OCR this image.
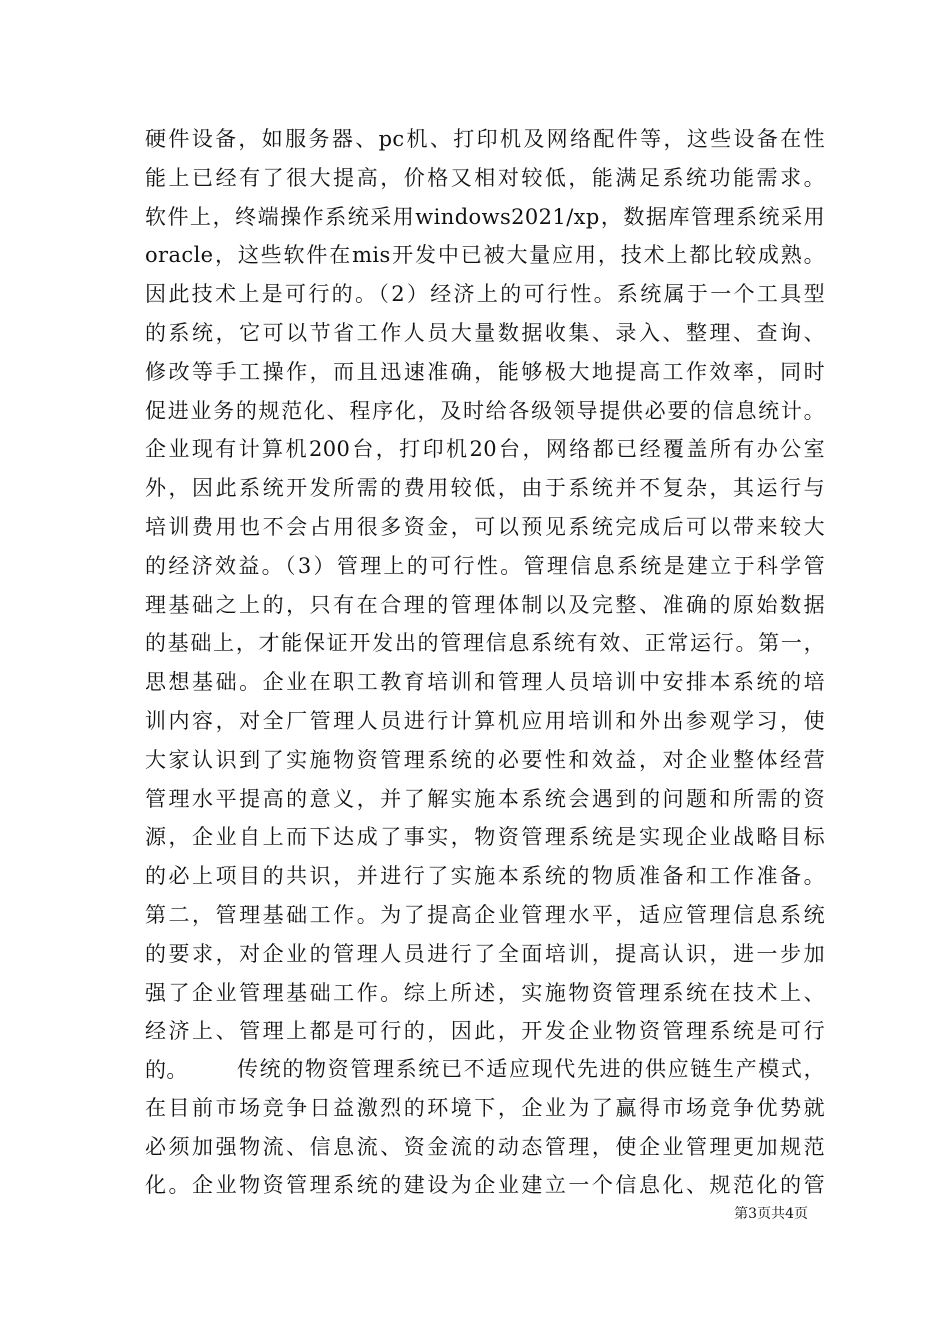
硬件设备，如服务器、pc机、打印机及网络配件等，这些设备在性
能上已经有了很大提高，价格又相对较低，能满足系统功能需求。
软件上，终端操作系统采用windows2021/xp，数据库管理系统采用
oracle，这些软件在mis开发中已被大量应用，技术上都比较成熟。
因此技术上是可行的。（2）经济上的可行性。系统属于一个工具型
的系统，它可以节省工作人员大量数据收集、录入、整理、查询、
修改等手工操作，而且迅速准确，能够极大地提高工作效率，同时
促进业务的规范化、程序化，及时给各级领导提供必要的信息统计。
企业现有计算机200台，打印机20台，网络都已经覆盖所有办公室
外，因此系统开发所需的费用较低，由于系统并不复杂，其运行与
培训费用也不会占用很多资金，可以预见系统完成后可以带来较大
的经济效益。（3）管理上的可行性。管理信息系统是建立于科学管
理基础之上的，只有在合理的管理体制以及完整、准确的原始数据
的基础上，才能保证开发出的管理信息系统有效、正常运行。第一，
思想基础。企业在职工教育培训和管理人员培训中安排本系统的培
训内容，对全厂管理人员进行计算机应用培训和外出参观学习，使
大家认识到了实施物资管理系统的必要性和效益，对企业整体经营
管理水平提高的意义，并了解实施本系统会遇到的问题和所需的资
源，企业自上而下达成了事实，物资管理系统是实现企业战略目标
的必上项目的共识，并进行了实施本系统的物质准备和工作准备。
第二，管理基础工作。为了提高企业管理水平，适应管理信息系统
的要求，对企业的管理人员进行了全面培训，提高认识，进一步加
强了企业管理基础工作。综上所述，实施物资管理系统在技术上、
经济上、管理上都是可行的，因此，开发企业物资管理系统是可行
的。	传统的物资管理系统已不适应现代先进的供应链生产模式，
在目前市场竞争日益激烈的环境下，企业为了赢得市场竞争优势就
必须加强物流、信息流、资金流的动态管理，使企业管理更加规范
化。企业物资管理系统的建设为企业建立一个信息化、规范化的管
第3页共4页
